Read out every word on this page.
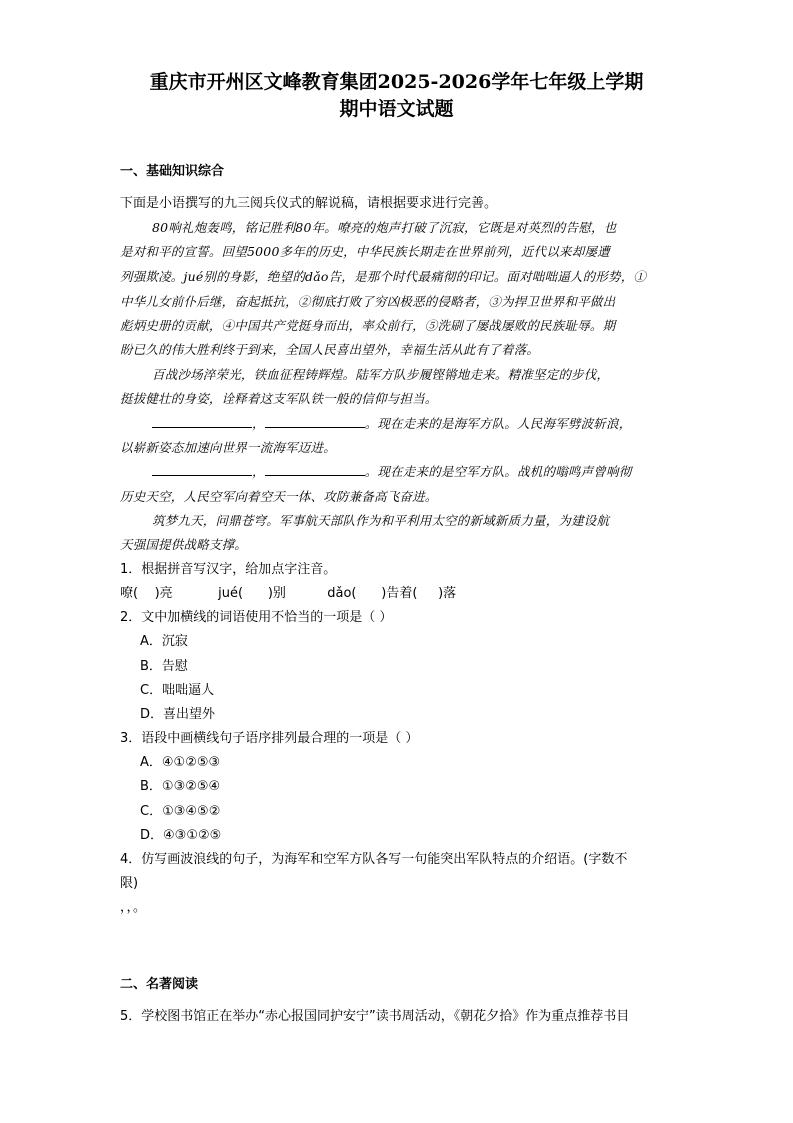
重庆市开州区文峰教育集团2025-2026学年七年级上学期
期中语文试题
一、基础知识综合
下面是小语撰写的九三阅兵仪式的解说稿，请根据要求进行完善。
80响礼炮轰鸣，铭记胜利80年。嘹亮的炮声打破了沉寂，它既是对英烈的告慰，也
是对和平的宣誓。回望5000多年的历史，中华民族长期走在世界前列，近代以来却屡遭
列强欺凌。jué别的身影，绝望的dǎo告，是那个时代最痛彻的印记。面对咄咄逼人的形势，①
中华儿女前仆后继，奋起抵抗，②彻底打败了穷凶极恶的侵略者，③为捍卫世界和平做出
彪炳史册的贡献，④中国共产党挺身而出，率众前行，⑤洗刷了屡战屡败的民族耻辱。期
盼已久的伟大胜利终于到来，全国人民喜出望外，幸福生活从此有了着落。
百战沙场淬荣光，铁血征程铸辉煌。陆军方队步履铿锵地走来。精准坚定的步伐，
挺拔健壮的身姿，诠释着这支军队铁一般的信仰与担当。
，	。现在走来的是海军方队。人民海军劈波斩浪，
以崭新姿态加速向世界一流海军迈进。
，	。现在走来的是空军方队。战机的嗡鸣声曾响彻
历史天空，人民空军向着空天一体、攻防兼备高飞奋进。
筑梦九天，问鼎苍穹。军事航天部队作为和平利用太空的新域新质力量，为建设航
天强国提供战略支撑。
1．根据拼音写汉字，给加点字注音。
嘹(    )亮           jué(      )别          dǎo(      )告着(     )落
2．文中加横线的词语使用不恰当的一项是（ ）
A．沉寂
B．告慰
C．咄咄逼人
D．喜出望外
3．语段中画横线句子语序排列最合理的一项是（ ）
A．④①②⑤③
B．①③②⑤④
C．①③④⑤②
D．④③①②⑤
4．仿写画波浪线的句子，为海军和空军方队各写一句能突出军队特点的介绍语。(字数不
限)
，，。
二、名著阅读
5．学校图书馆正在举办“赤心报国同护安宁”读书周活动，《朝花夕拾》作为重点推荐书目
